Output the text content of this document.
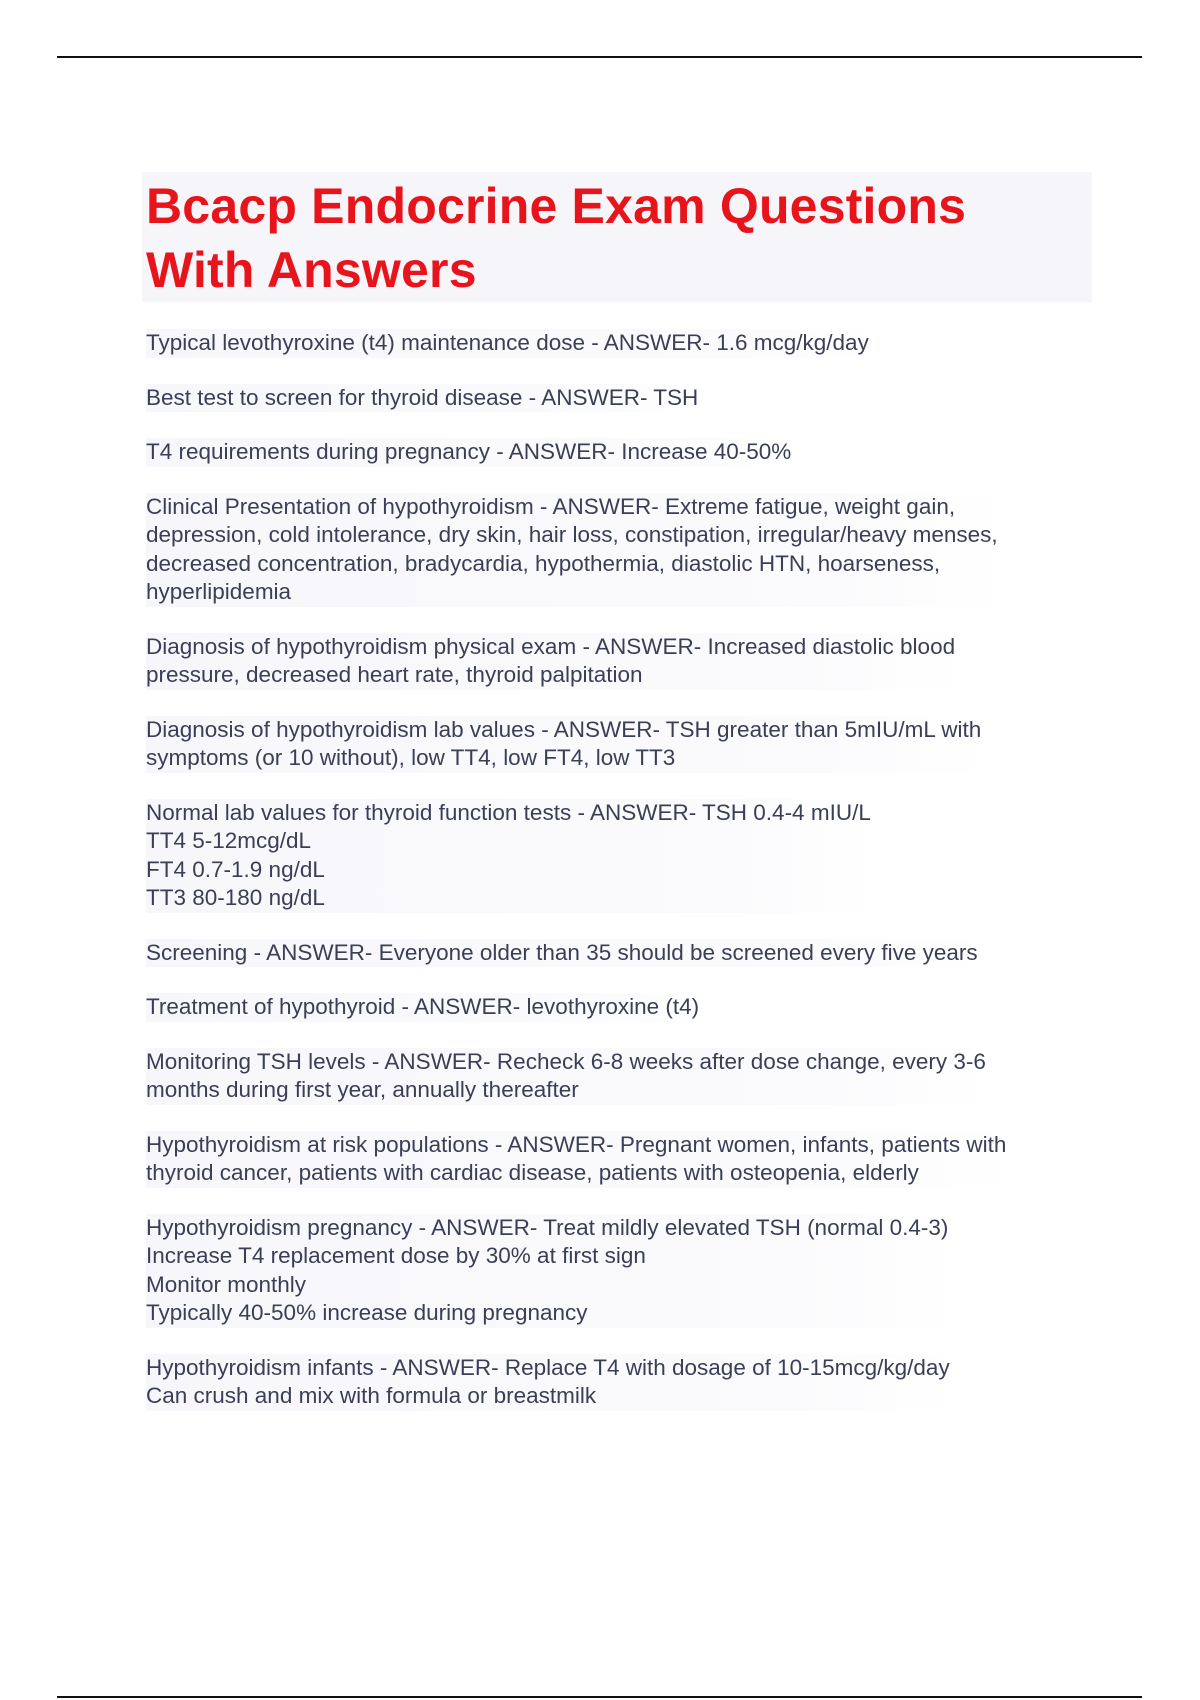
Bcacp Endocrine Exam Questions
With Answers
Typical levothyroxine (t4) maintenance dose - ANSWER- 1.6 mcg/kg/day
Best test to screen for thyroid disease - ANSWER- TSH
T4 requirements during pregnancy - ANSWER- Increase 40-50%
Clinical Presentation of hypothyroidism - ANSWER- Extreme fatigue, weight gain,
depression, cold intolerance, dry skin, hair loss, constipation, irregular/heavy menses,
decreased concentration, bradycardia, hypothermia, diastolic HTN, hoarseness,
hyperlipidemia
Diagnosis of hypothyroidism physical exam - ANSWER- Increased diastolic blood
pressure, decreased heart rate, thyroid palpitation
Diagnosis of hypothyroidism lab values - ANSWER- TSH greater than 5mIU/mL with
symptoms (or 10 without), low TT4, low FT4, low TT3
Normal lab values for thyroid function tests - ANSWER- TSH 0.4-4 mIU/L
TT4 5-12mcg/dL
FT4 0.7-1.9 ng/dL
TT3 80-180 ng/dL
Screening - ANSWER- Everyone older than 35 should be screened every five years
Treatment of hypothyroid - ANSWER- levothyroxine (t4)
Monitoring TSH levels - ANSWER- Recheck 6-8 weeks after dose change, every 3-6
months during first year, annually thereafter
Hypothyroidism at risk populations - ANSWER- Pregnant women, infants, patients with
thyroid cancer, patients with cardiac disease, patients with osteopenia, elderly
Hypothyroidism pregnancy - ANSWER- Treat mildly elevated TSH (normal 0.4-3)
Increase T4 replacement dose by 30% at first sign
Monitor monthly
Typically 40-50% increase during pregnancy
Hypothyroidism infants - ANSWER- Replace T4 with dosage of 10-15mcg/kg/day
Can crush and mix with formula or breastmilk
